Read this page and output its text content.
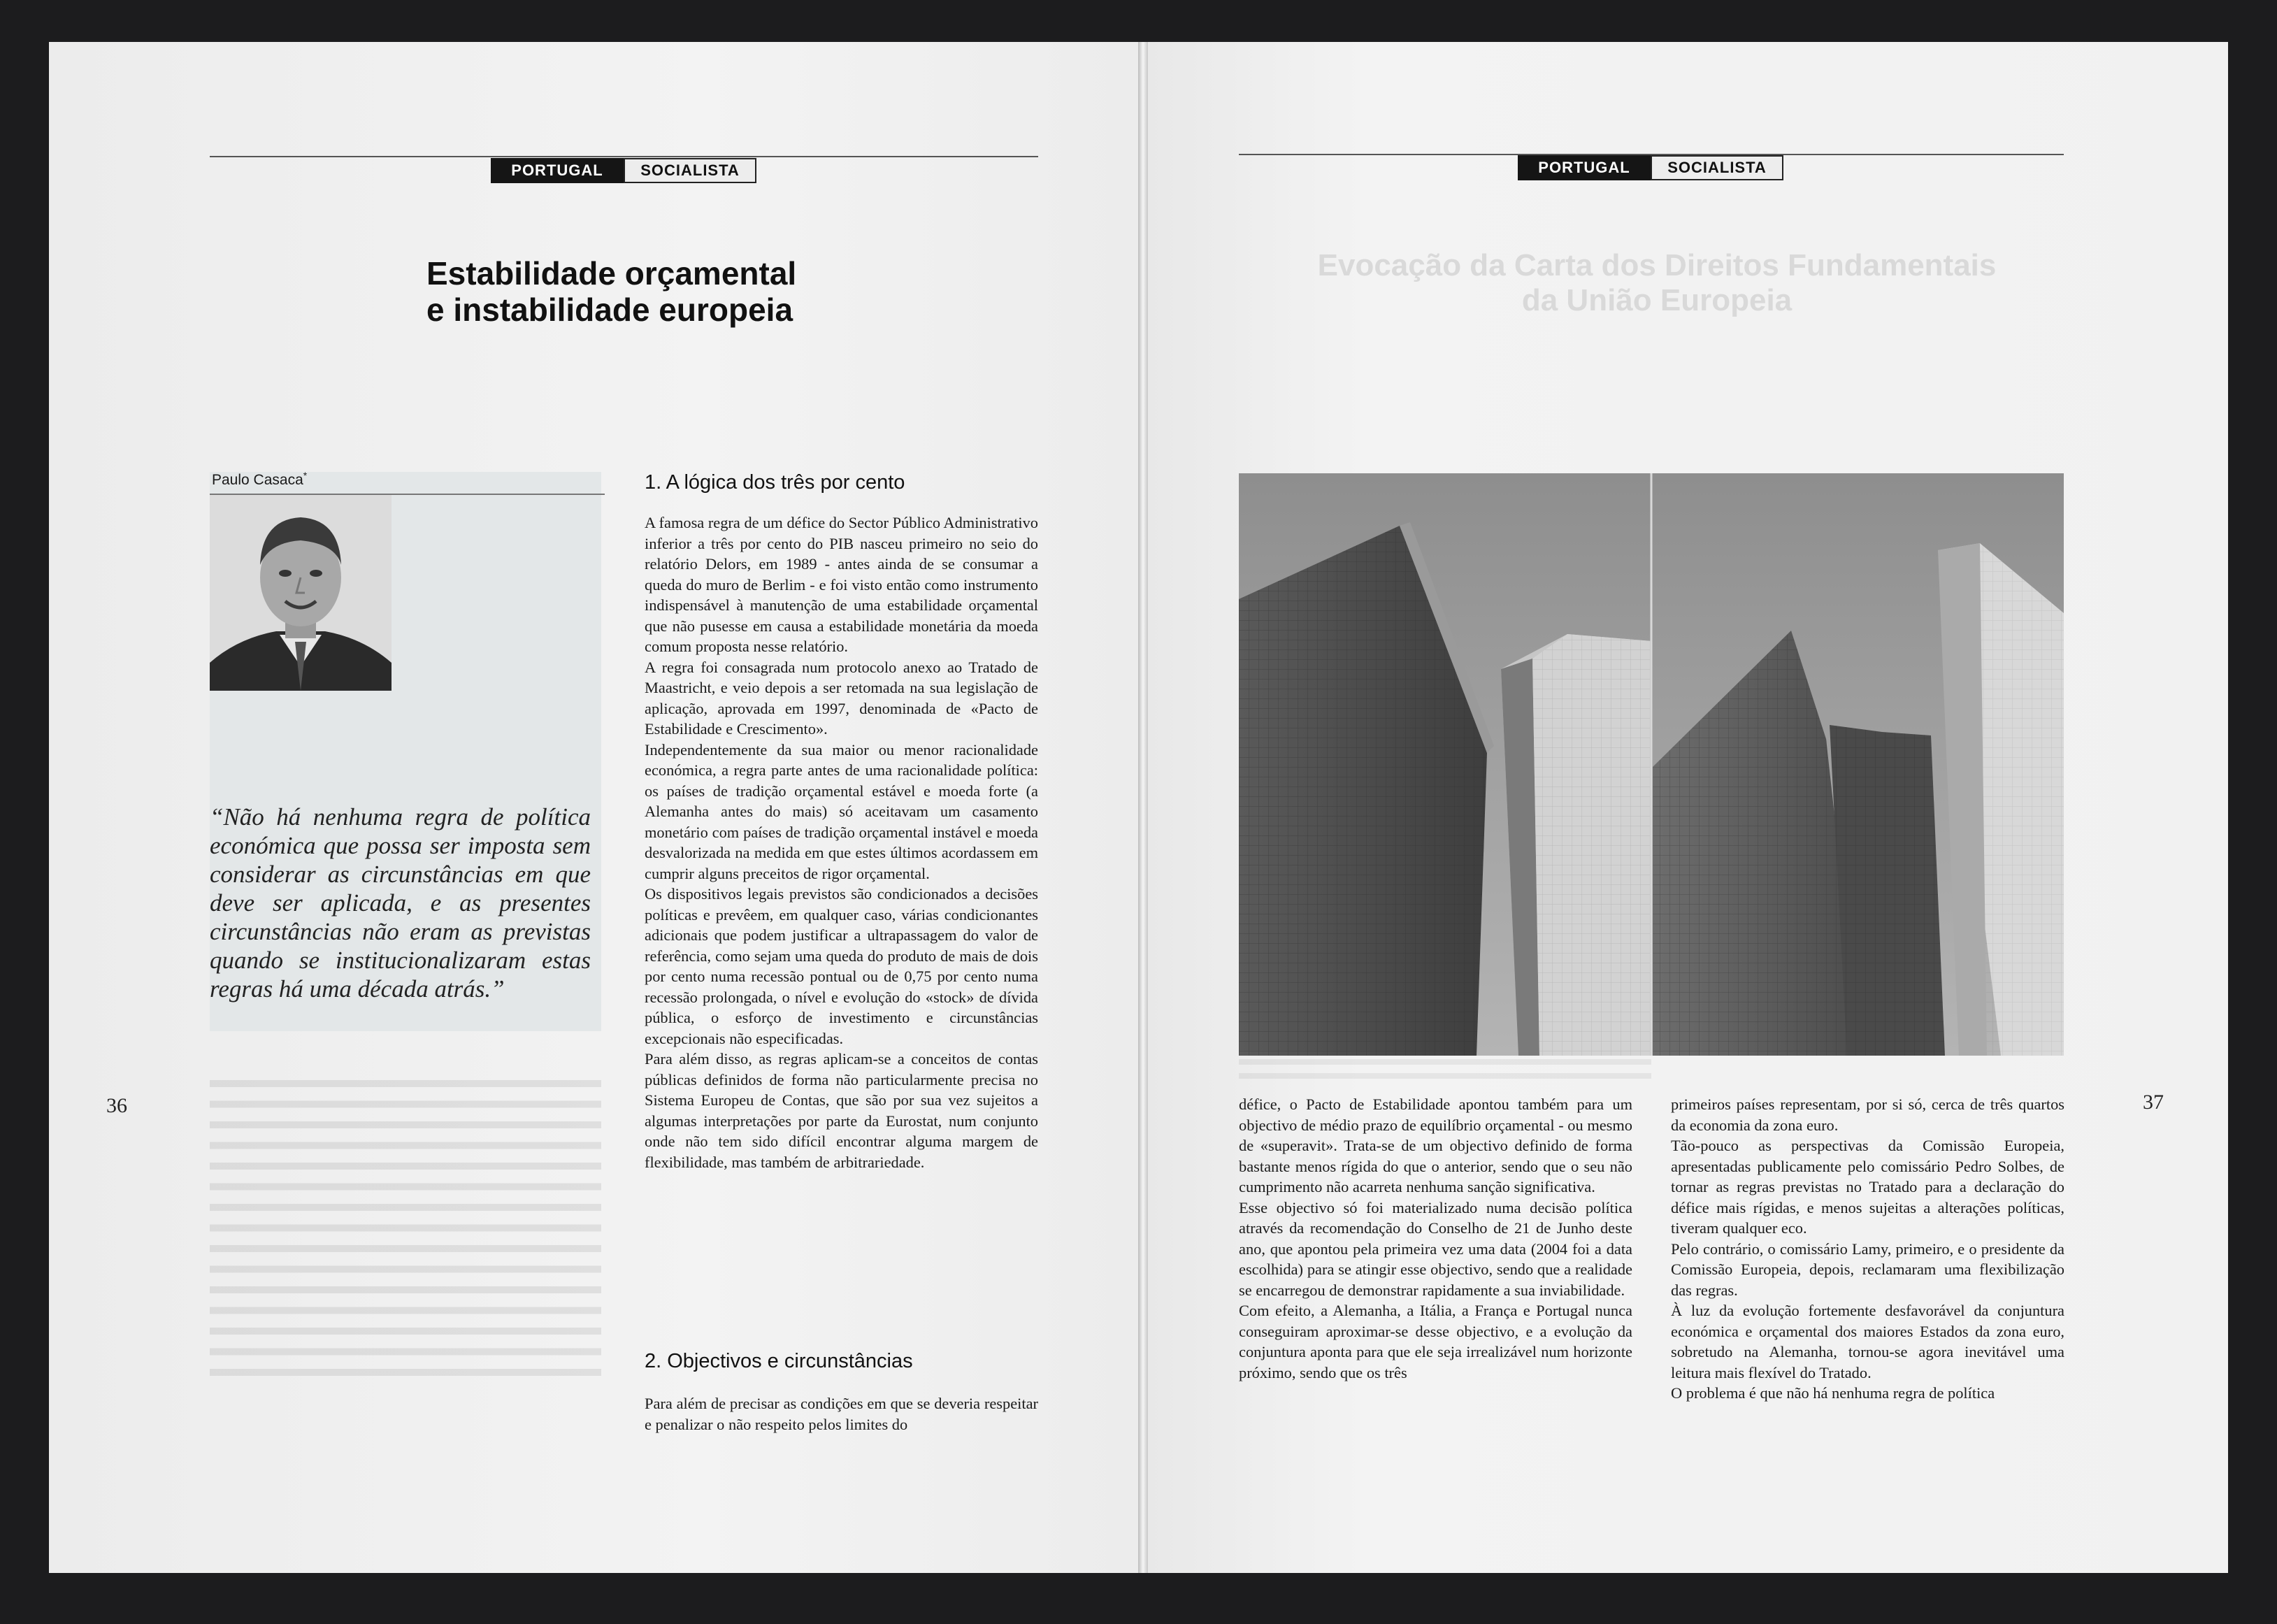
PORTUGAL	SOCIALISTA	PORTUGAL	SOCIALISTA
Estabilidade orçamental
e instabilidade europeia
Evocação da Carta dos Direitos Fundamentais
da União Europeia
Paulo Casaca*
“Não há nenhuma regra de política económica que possa ser imposta sem considerar as circunstâncias em que deve ser aplicada, e as presentes circunstâncias não eram as previstas quando se institucionalizaram estas regras há uma década atrás.”
1. A lógica dos três por cento

A famosa regra de um défice do Sector Público Administrativo inferior a três por cento do PIB nasceu primeiro no seio do relatório Delors, em 1989 - antes ainda de se consumar a queda do muro de Berlim - e foi visto então como instrumento indispensável à manutenção de uma estabilidade orçamental que não pusesse em causa a estabilidade monetária da moeda comum proposta nesse relatório.

A regra foi consagrada num protocolo anexo ao Tratado de Maastricht, e veio depois a ser retomada na sua legislação de aplicação, aprovada em 1997, denominada de «Pacto de Estabilidade e Crescimento».

Independentemente da sua maior ou menor racionalidade económica, a regra parte antes de uma racionalidade política: os países de tradição orçamental estável e moeda forte (a Alemanha antes do mais) só aceitavam um casamento monetário com países de tradição orçamental instável e moeda desvalorizada na medida em que estes últimos acordassem em cumprir alguns preceitos de rigor orçamental.

Os dispositivos legais previstos são condicionados a decisões políticas e prevêem, em qualquer caso, várias condicionantes adicionais que podem justificar a ultrapassagem do valor de referência, como sejam uma queda do produto de mais de dois por cento numa recessão pontual ou de 0,75 por cento numa recessão prolongada, o nível e evolução do «stock» de dívida pública, o esforço de investimento e circunstâncias excepcionais não especificadas.

Para além disso, as regras aplicam-se a conceitos de contas públicas definidos de forma não particularmente precisa no Sistema Europeu de Contas, que são por sua vez sujeitos a algumas interpretações por parte da Eurostat, num conjunto onde não tem sido difícil encontrar alguma margem de flexibilidade, mas também de arbitrariedade.

2. Objectivos e circunstâncias
Para além de precisar as condições em que se deveria respeitar e penalizar o não respeito pelos limites do
36	défice, o Pacto de Estabilidade apontou também para um objectivo de médio prazo de equilíbrio orçamental - ou mesmo de «superavit». Trata-se de um objectivo definido de forma bastante menos rígida do que o anterior, sendo que o seu não cumprimento não acarreta nenhuma sanção significativa.

Esse objectivo só foi materializado numa decisão política através da recomendação do Conselho de 21 de Junho deste ano, que apontou pela primeira vez uma data (2004 foi a data escolhida) para se atingir esse objectivo, sendo que a realidade se encarregou de demonstrar rapidamente a sua inviabilidade.

Com efeito, a Alemanha, a Itália, a França e Portugal nunca conseguiram aproximar-se desse objectivo, e a evolução da conjuntura aponta para que ele seja irrealizável num horizonte próximo, sendo que os três

primeiros países representam, por si só, cerca de três quartos da economia da zona euro.

Tão-pouco as perspectivas da Comissão Europeia, apresentadas publicamente pelo comissário Pedro Solbes, de tornar as regras previstas no Tratado para a declaração do défice mais rígidas, e menos sujeitas a alterações políticas, tiveram qualquer eco.

Pelo contrário, o comissário Lamy, primeiro, e o presidente da Comissão Europeia, depois, reclamaram uma flexibilização das regras.

À luz da evolução fortemente desfavorável da conjuntura económica e orçamental dos maiores Estados da zona euro, sobretudo na Alemanha, tornou-se agora inevitável uma leitura mais flexível do Tratado.

O problema é que não há nenhuma regra de política

37
